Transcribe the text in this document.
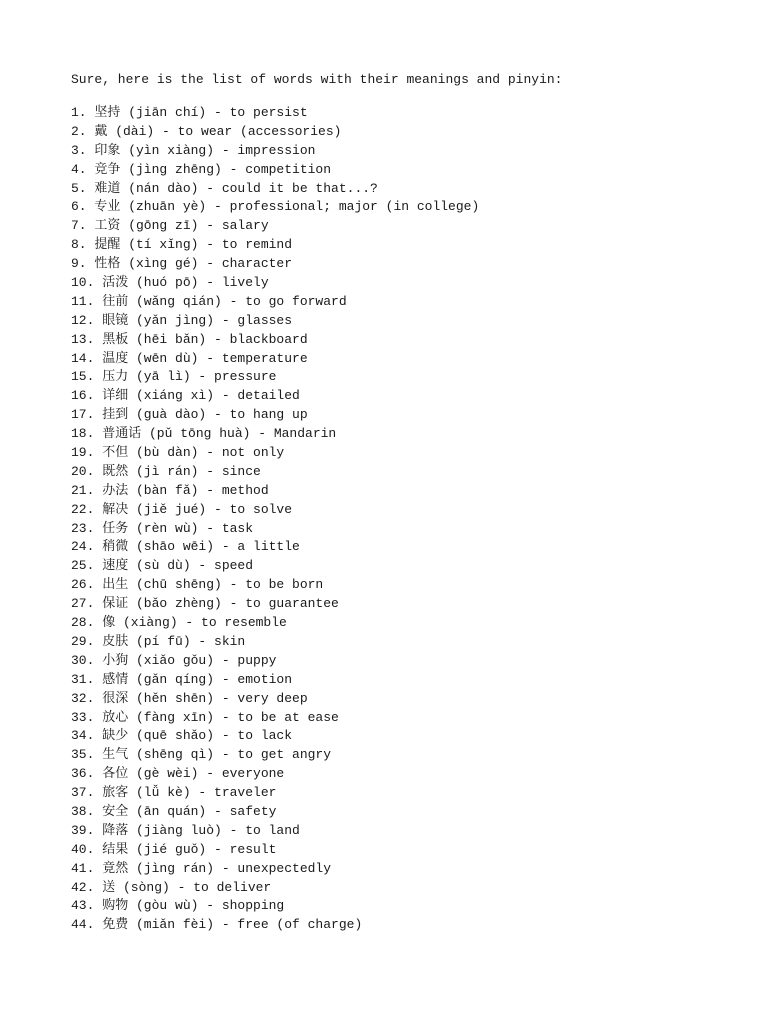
Sure, here is the list of words with their meanings and pinyin:
1. 坚持 (jiān chí) - to persist
2. 戴 (dài) - to wear (accessories)
3. 印象 (yìn xiàng) - impression
4. 竞争 (jìng zhēng) - competition
5. 难道 (nán dào) - could it be that...?
6. 专业 (zhuān yè) - professional; major (in college)
7. 工资 (gōng zī) - salary
8. 提醒 (tí xǐng) - to remind
9. 性格 (xìng gé) - character
10. 活泼 (huó pō) - lively
11. 往前 (wǎng qián) - to go forward
12. 眼镜 (yǎn jìng) - glasses
13. 黑板 (hēi bǎn) - blackboard
14. 温度 (wēn dù) - temperature
15. 压力 (yā lì) - pressure
16. 详细 (xiáng xì) - detailed
17. 挂到 (guà dào) - to hang up
18. 普通话 (pǔ tōng huà) - Mandarin
19. 不但 (bù dàn) - not only
20. 既然 (jì rán) - since
21. 办法 (bàn fǎ) - method
22. 解决 (jiě jué) - to solve
23. 任务 (rèn wù) - task
24. 稍微 (shāo wēi) - a little
25. 速度 (sù dù) - speed
26. 出生 (chū shēng) - to be born
27. 保证 (bǎo zhèng) - to guarantee
28. 像 (xiàng) - to resemble
29. 皮肤 (pí fū) - skin
30. 小狗 (xiǎo gǒu) - puppy
31. 感情 (gǎn qíng) - emotion
32. 很深 (hěn shēn) - very deep
33. 放心 (fàng xīn) - to be at ease
34. 缺少 (quē shǎo) - to lack
35. 生气 (shēng qì) - to get angry
36. 各位 (gè wèi) - everyone
37. 旅客 (lǚ kè) - traveler
38. 安全 (ān quán) - safety
39. 降落 (jiàng luò) - to land
40. 结果 (jié guǒ) - result
41. 竟然 (jìng rán) - unexpectedly
42. 送 (sòng) - to deliver
43. 购物 (gòu wù) - shopping
44. 免费 (miǎn fèi) - free (of charge)
